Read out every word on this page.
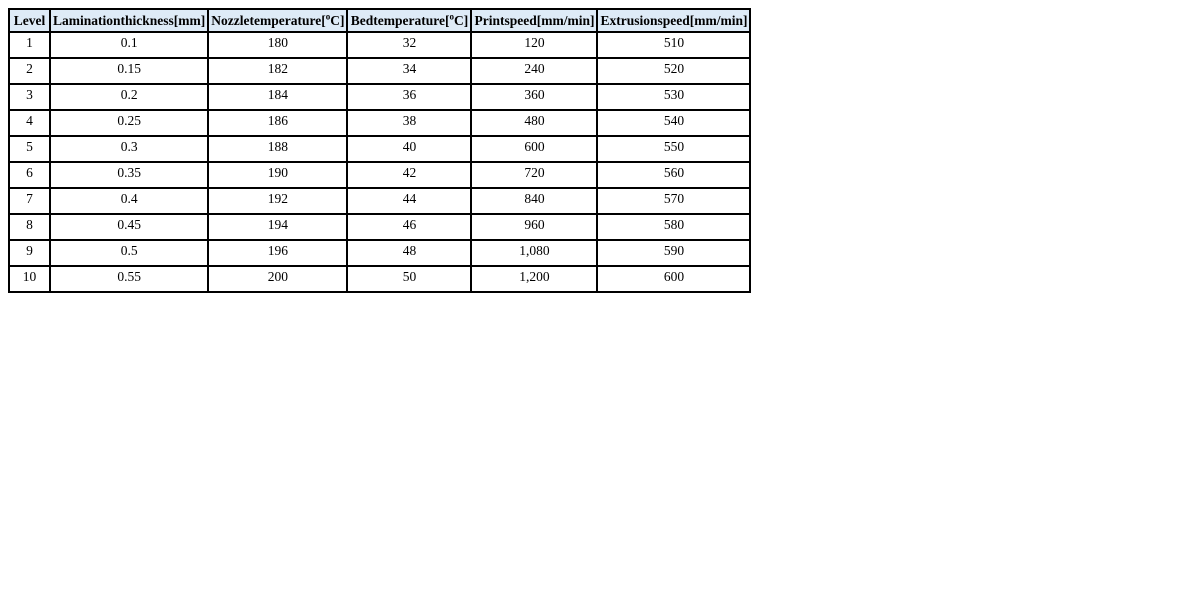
Level	Laminationthickness[mm]	Nozzletemperature[$^o$C]	Bedtemperature[$^o$C]	Printspeed[mm/min]	Extrusionspeed[mm/min]
1	0.1	180	32	120	510
2	0.15	182	34	240	520
3	0.2	184	36	360	530
4	0.25	186	38	480	540
5	0.3	188	40	600	550
6	0.35	190	42	720	560
7	0.4	192	44	840	570
8	0.45	194	46	960	580
9	0.5	196	48	1,080	590
10	0.55	200	50	1,200	600
